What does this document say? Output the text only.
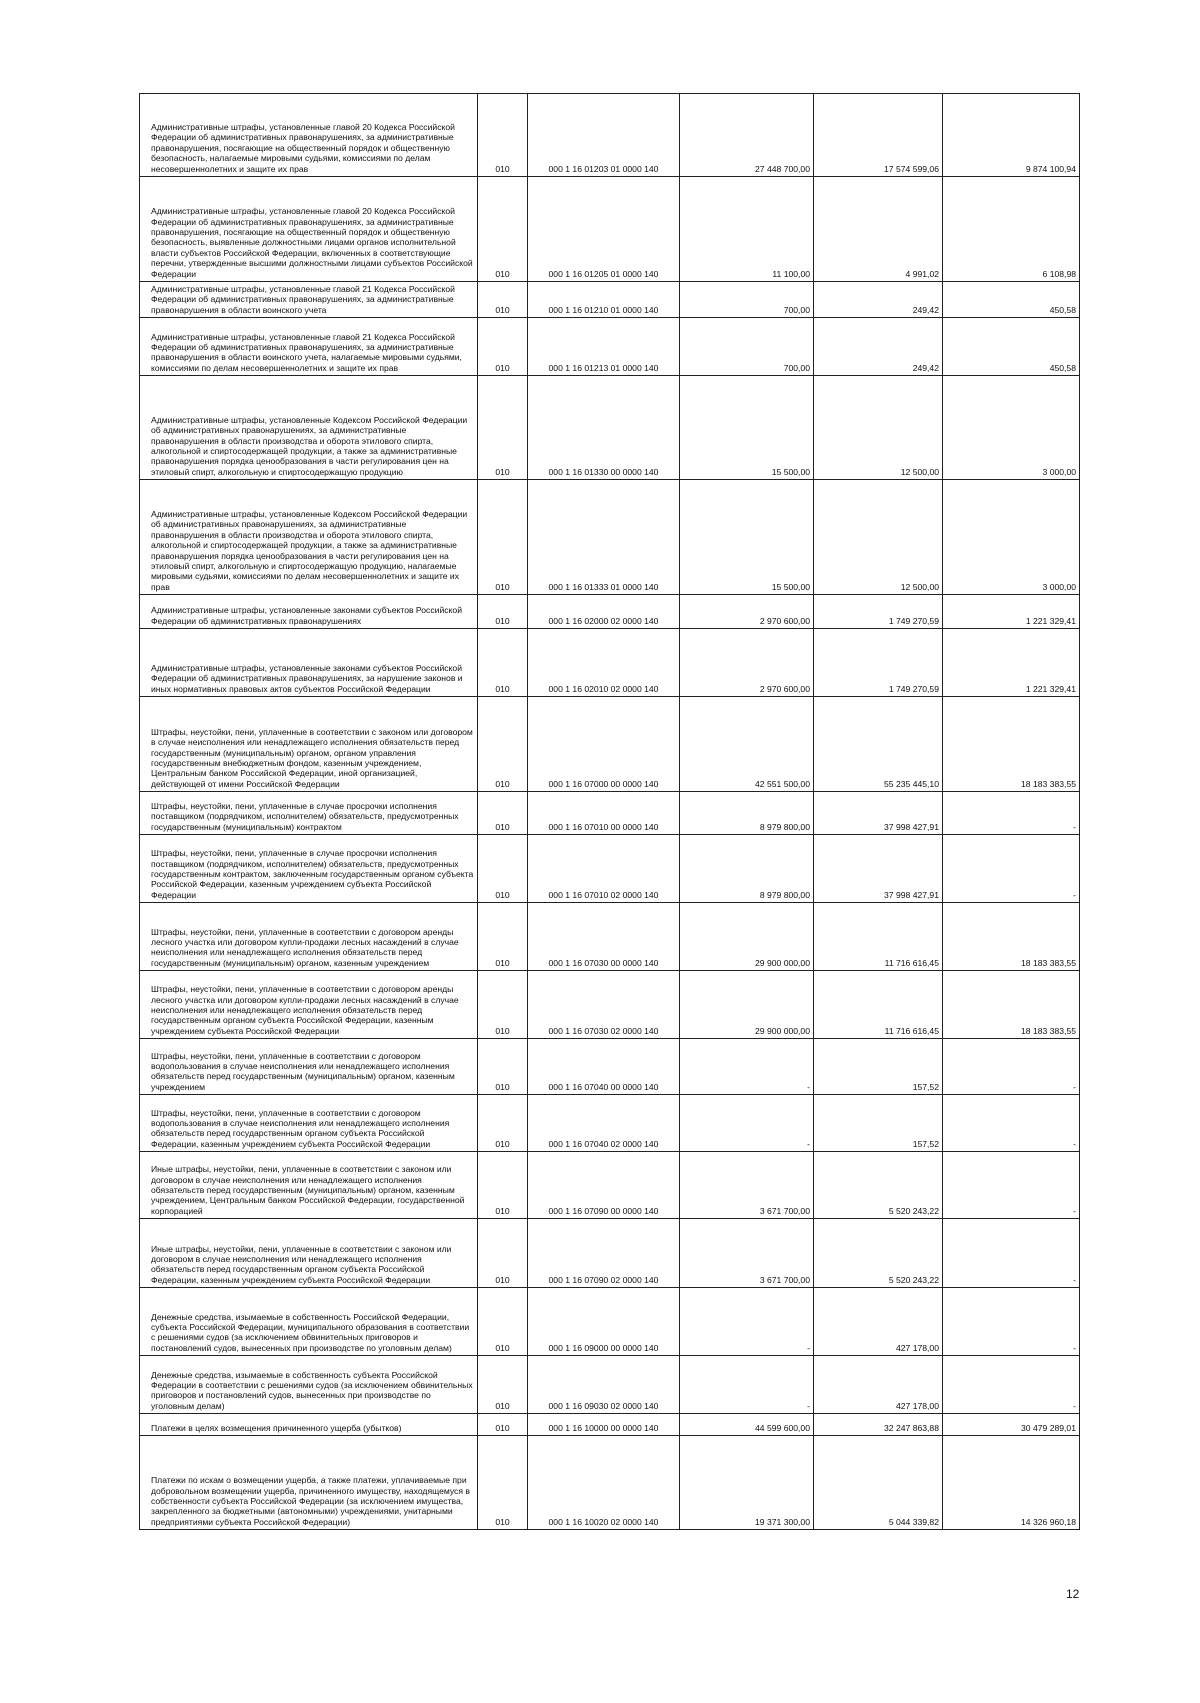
Административные штрафы, установленные главой 20 Кодекса Российской Федерации об административных правонарушениях, за административные правонарушения, посягающие на общественный порядок и общественную безопасность, налагаемые мировыми судьями, комиссиями по делам несовершеннолетних и защите их прав	010	000 1 16 01203 01 0000 140	27 448 700,00	17 574 599,06	9 874 100,94

Административные штрафы, установленные главой 20 Кодекса Российской Федерации об административных правонарушениях, за административные правонарушения, посягающие на общественный порядок и общественную безопасность, выявленные должностными лицами органов исполнительной власти субъектов Российской Федерации, включенных в соответствующие перечни, утвержденные высшими должностными лицами субъектов Российской Федерации	010	000 1 16 01205 01 0000 140	11 100,00	4 991,02	6 108,98

Административные штрафы, установленные главой 21 Кодекса Российской Федерации об административных правонарушениях, за административные правонарушения в области воинского учета	010	000 1 16 01210 01 0000 140	700,00	249,42	450,58

Административные штрафы, установленные главой 21 Кодекса Российской Федерации об административных правонарушениях, за административные правонарушения в области воинского учета, налагаемые мировыми судьями, комиссиями по делам несовершеннолетних и защите их прав	010	000 1 16 01213 01 0000 140	700,00	249,42	450,58

Административные штрафы, установленные Кодексом Российской Федерации об административных правонарушениях, за административные правонарушения в области производства и оборота этилового спирта, алкогольной и спиртосодержащей продукции, а также за административные правонарушения порядка ценообразования в части регулирования цен на этиловый спирт, алкогольную и спиртосодержащую продукцию	010	000 1 16 01330 00 0000 140	15 500,00	12 500,00	3 000,00

Административные штрафы, установленные Кодексом Российской Федерации об административных правонарушениях, за административные правонарушения в области производства и оборота этилового спирта, алкогольной и спиртосодержащей продукции, а также за административные правонарушения порядка ценообразования в части регулирования цен на этиловый спирт, алкогольную и спиртосодержащую продукцию, налагаемые мировыми судьями, комиссиями по делам несовершеннолетних и защите их прав	010	000 1 16 01333 01 0000 140	15 500,00	12 500,00	3 000,00

Административные штрафы, установленные законами субъектов Российской Федерации об административных правонарушениях	010	000 1 16 02000 02 0000 140	2 970 600,00	1 749 270,59	1 221 329,41

Административные штрафы, установленные законами субъектов Российской Федерации об административных правонарушениях, за нарушение законов и иных нормативных правовых актов субъектов Российской Федерации	010	000 1 16 02010 02 0000 140	2 970 600,00	1 749 270,59	1 221 329,41

Штрафы, неустойки, пени, уплаченные в соответствии с законом или договором в случае неисполнения или ненадлежащего исполнения обязательств перед государственным (муниципальным) органом, органом управления государственным внебюджетным фондом, казенным учреждением, Центральным банком Российской Федерации, иной организацией, действующей от имени Российской Федерации	010	000 1 16 07000 00 0000 140	42 551 500,00	55 235 445,10	18 183 383,55

Штрафы, неустойки, пени, уплаченные в случае просрочки исполнения поставщиком (подрядчиком, исполнителем) обязательств, предусмотренных государственным (муниципальным) контрактом	010	000 1 16 07010 00 0000 140	8 979 800,00	37 998 427,91	-

Штрафы, неустойки, пени, уплаченные в случае просрочки исполнения поставщиком (подрядчиком, исполнителем) обязательств, предусмотренных государственным контрактом, заключенным государственным органом субъекта Российской Федерации, казенным учреждением субъекта Российской Федерации	010	000 1 16 07010 02 0000 140	8 979 800,00	37 998 427,91	-

Штрафы, неустойки, пени, уплаченные в соответствии с договором аренды лесного участка или договором купли-продажи лесных насаждений в случае неисполнения или ненадлежащего исполнения обязательств перед государственным (муниципальным) органом, казенным учреждением	010	000 1 16 07030 00 0000 140	29 900 000,00	11 716 616,45	18 183 383,55

Штрафы, неустойки, пени, уплаченные в соответствии с договором аренды лесного участка или договором купли-продажи лесных насаждений в случае неисполнения или ненадлежащего исполнения обязательств перед государственным органом субъекта Российской Федерации, казенным учреждением субъекта Российской Федерации	010	000 1 16 07030 02 0000 140	29 900 000,00	11 716 616,45	18 183 383,55

Штрафы, неустойки, пени, уплаченные в соответствии с договором водопользования в случае неисполнения или ненадлежащего исполнения обязательств перед государственным (муниципальным) органом, казенным учреждением	010	000 1 16 07040 00 0000 140	-	157,52	-

Штрафы, неустойки, пени, уплаченные в соответствии с договором водопользования в случае неисполнения или ненадлежащего исполнения обязательств перед государственным органом субъекта Российской Федерации, казенным учреждением субъекта Российской Федерации	010	000 1 16 07040 02 0000 140	-	157,52	-

Иные штрафы, неустойки, пени, уплаченные в соответствии с законом или договором в случае неисполнения или ненадлежащего исполнения обязательств перед государственным (муниципальным) органом, казенным учреждением, Центральным банком Российской Федерации, государственной корпорацией	010	000 1 16 07090 00 0000 140	3 671 700,00	5 520 243,22	-

Иные штрафы, неустойки, пени, уплаченные в соответствии с законом или договором в случае неисполнения или ненадлежащего исполнения обязательств перед государственным органом субъекта Российской Федерации, казенным учреждением субъекта Российской Федерации	010	000 1 16 07090 02 0000 140	3 671 700,00	5 520 243,22	-

Денежные средства, изымаемые в собственность Российской Федерации, субъекта Российской Федерации, муниципального образования в соответствии с решениями судов (за исключением обвинительных приговоров и постановлений судов, вынесенных при производстве по уголовным делам)	010	000 1 16 09000 00 0000 140	-	427 178,00	-

Денежные средства, изымаемые в собственность субъекта Российской Федерации в соответствии с решениями судов (за исключением обвинительных приговоров и постановлений судов, вынесенных при производстве по уголовным делам)	010	000 1 16 09030 02 0000 140	-	427 178,00	-

Платежи в целях возмещения причиненного ущерба (убытков)	010	000 1 16 10000 00 0000 140	44 599 600,00	32 247 863,88	30 479 289,01

Платежи по искам о возмещении ущерба, а также платежи, уплачиваемые при добровольном возмещении ущерба, причиненного имуществу, находящемуся в собственности субъекта Российской Федерации (за исключением имущества, закрепленного за бюджетными (автономными) учреждениями, унитарными предприятиями субъекта Российской Федерации)	010	000 1 16 10020 02 0000 140	19 371 300,00	5 044 339,82	14 326 960,18
12
